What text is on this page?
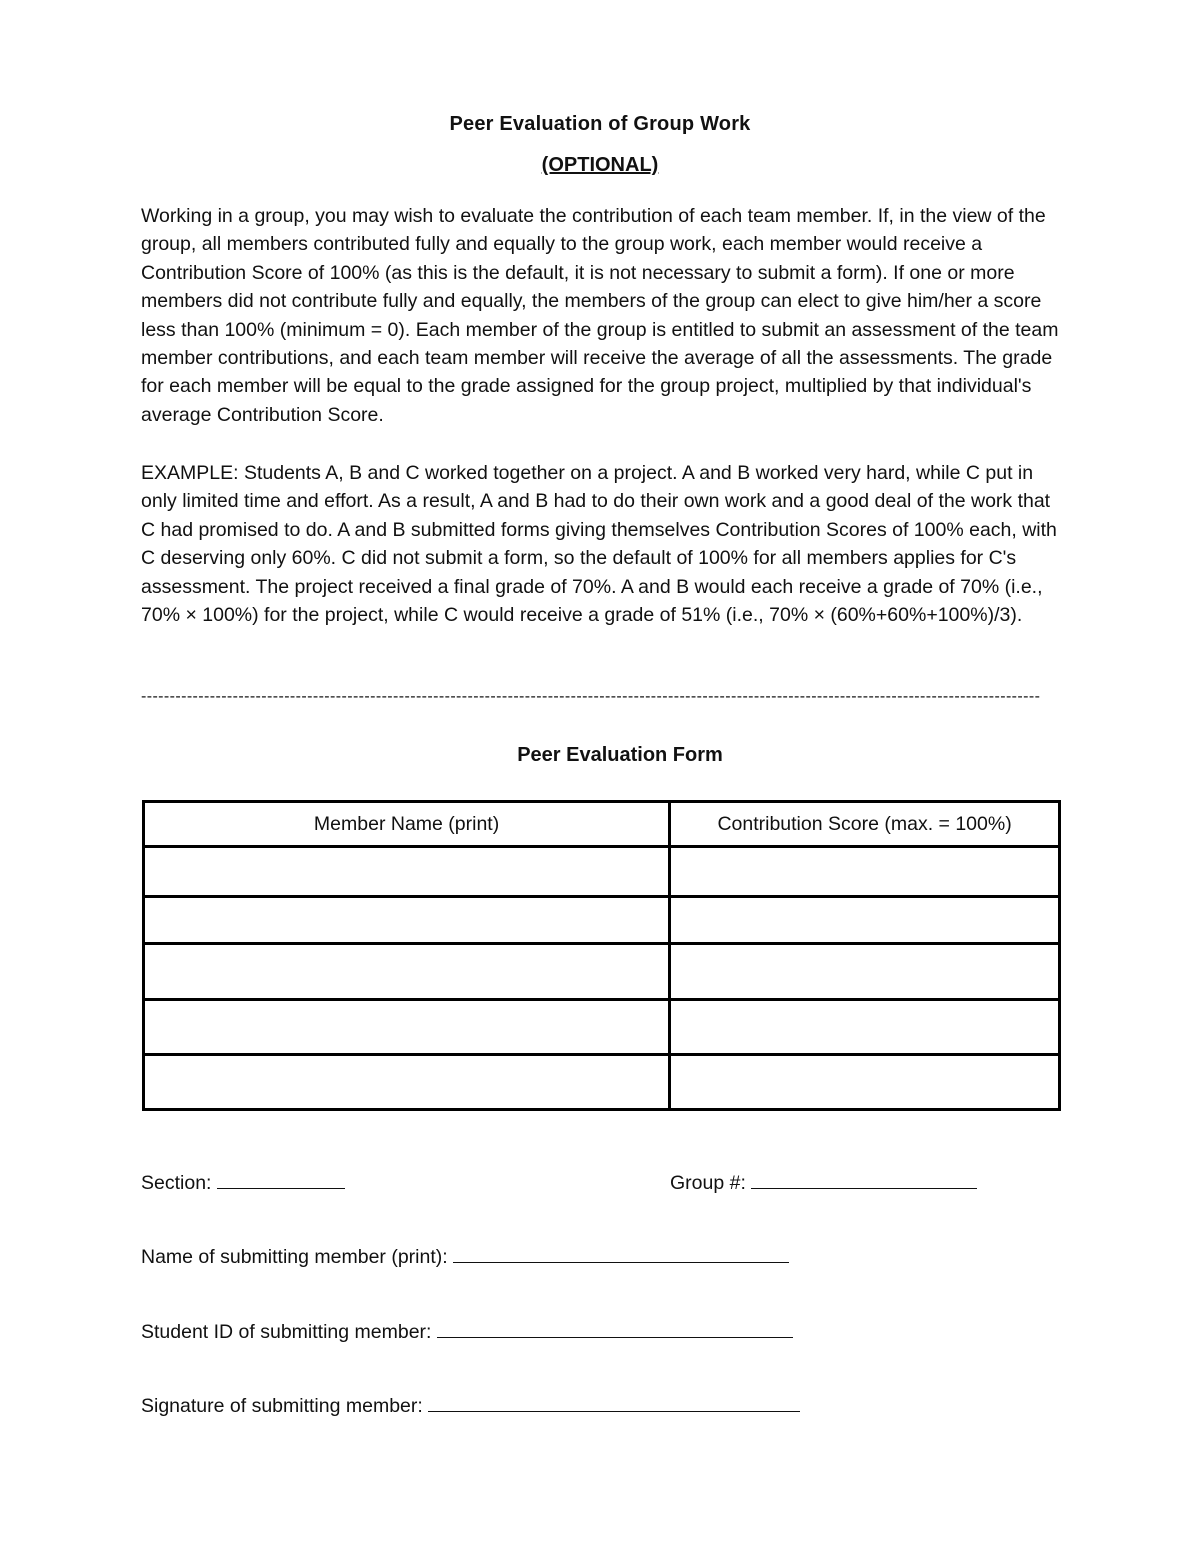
Peer Evaluation of Group Work
(OPTIONAL)

Working in a group, you may wish to evaluate the contribution of each team member. If, in the view of the group, all members contributed fully and equally to the group work, each member would receive a Contribution Score of 100% (as this is the default, it is not necessary to submit a form). If one or more members did not contribute fully and equally, the members of the group can elect to give him/her a score less than 100% (minimum = 0). Each member of the group is entitled to submit an assessment of the team member contributions, and each team member will receive the average of all the assessments. The grade for each member will be equal to the grade assigned for the group project, multiplied by that individual's average Contribution Score.

EXAMPLE: Students A, B and C worked together on a project. A and B worked very hard, while C put in only limited time and effort. As a result, A and B had to do their own work and a good deal of the work that C had promised to do. A and B submitted forms giving themselves Contribution Scores of 100% each, with C deserving only 60%. C did not submit a form, so the default of 100% for all members applies for C's assessment. The project received a final grade of 70%. A and B would each receive a grade of 70% (i.e., 70% × 100%) for the project, while C would receive a grade of 51% (i.e., 70% × (60%+60%+100%)/3).

-------------------------------------------------------------------------------------------------------------------------------------------------------------
Peer Evaluation Form
Member Name (print)	Contribution Score (max. = 100%)

Section:	Group #:
Name of submitting member (print):
Student ID of submitting member:
Signature of submitting member:
